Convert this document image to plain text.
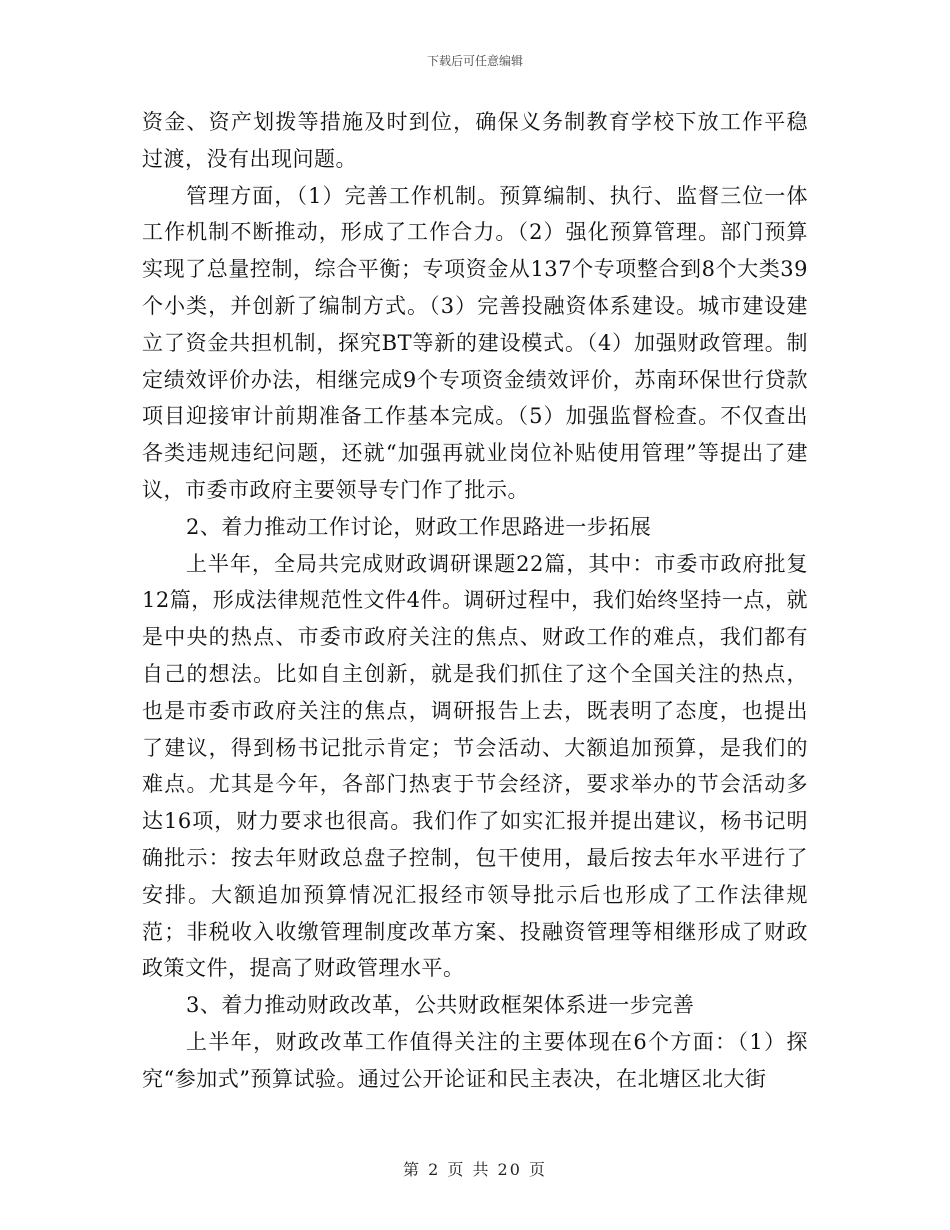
下载后可任意编辑

资金、资产划拨等措施及时到位，确保义务制教育学校下放工作平稳过渡，没有出现问题。

管理方面，（1）完善工作机制。预算编制、执行、监督三位一体工作机制不断推动，形成了工作合力。（2）强化预算管理。部门预算实现了总量控制，综合平衡；专项资金从137个专项整合到8个大类39个小类，并创新了编制方式。（3）完善投融资体系建设。城市建设建立了资金共担机制，探究BT等新的建设模式。（4）加强财政管理。制定绩效评价办法，相继完成9个专项资金绩效评价，苏南环保世行贷款项目迎接审计前期准备工作基本完成。（5）加强监督检查。不仅查出各类违规违纪问题，还就“加强再就业岗位补贴使用管理”等提出了建议，市委市政府主要领导专门作了批示。

2、着力推动工作讨论，财政工作思路进一步拓展

上半年，全局共完成财政调研课题22篇，其中：市委市政府批复12篇，形成法律规范性文件4件。调研过程中，我们始终坚持一点，就是中央的热点、市委市政府关注的焦点、财政工作的难点，我们都有自己的想法。比如自主创新，就是我们抓住了这个全国关注的热点，也是市委市政府关注的焦点，调研报告上去，既表明了态度，也提出了建议，得到杨书记批示肯定；节会活动、大额追加预算，是我们的难点。尤其是今年，各部门热衷于节会经济，要求举办的节会活动多达16项，财力要求也很高。我们作了如实汇报并提出建议，杨书记明确批示：按去年财政总盘子控制，包干使用，最后按去年水平进行了安排。大额追加预算情况汇报经市领导批示后也形成了工作法律规范；非税收入收缴管理制度改革方案、投融资管理等相继形成了财政政策文件，提高了财政管理水平。

3、着力推动财政改革，公共财政框架体系进一步完善

上半年，财政改革工作值得关注的主要体现在6个方面：（1）探究“参加式”预算试验。通过公开论证和民主表决，在北塘区北大街

第 2 页 共 20 页
